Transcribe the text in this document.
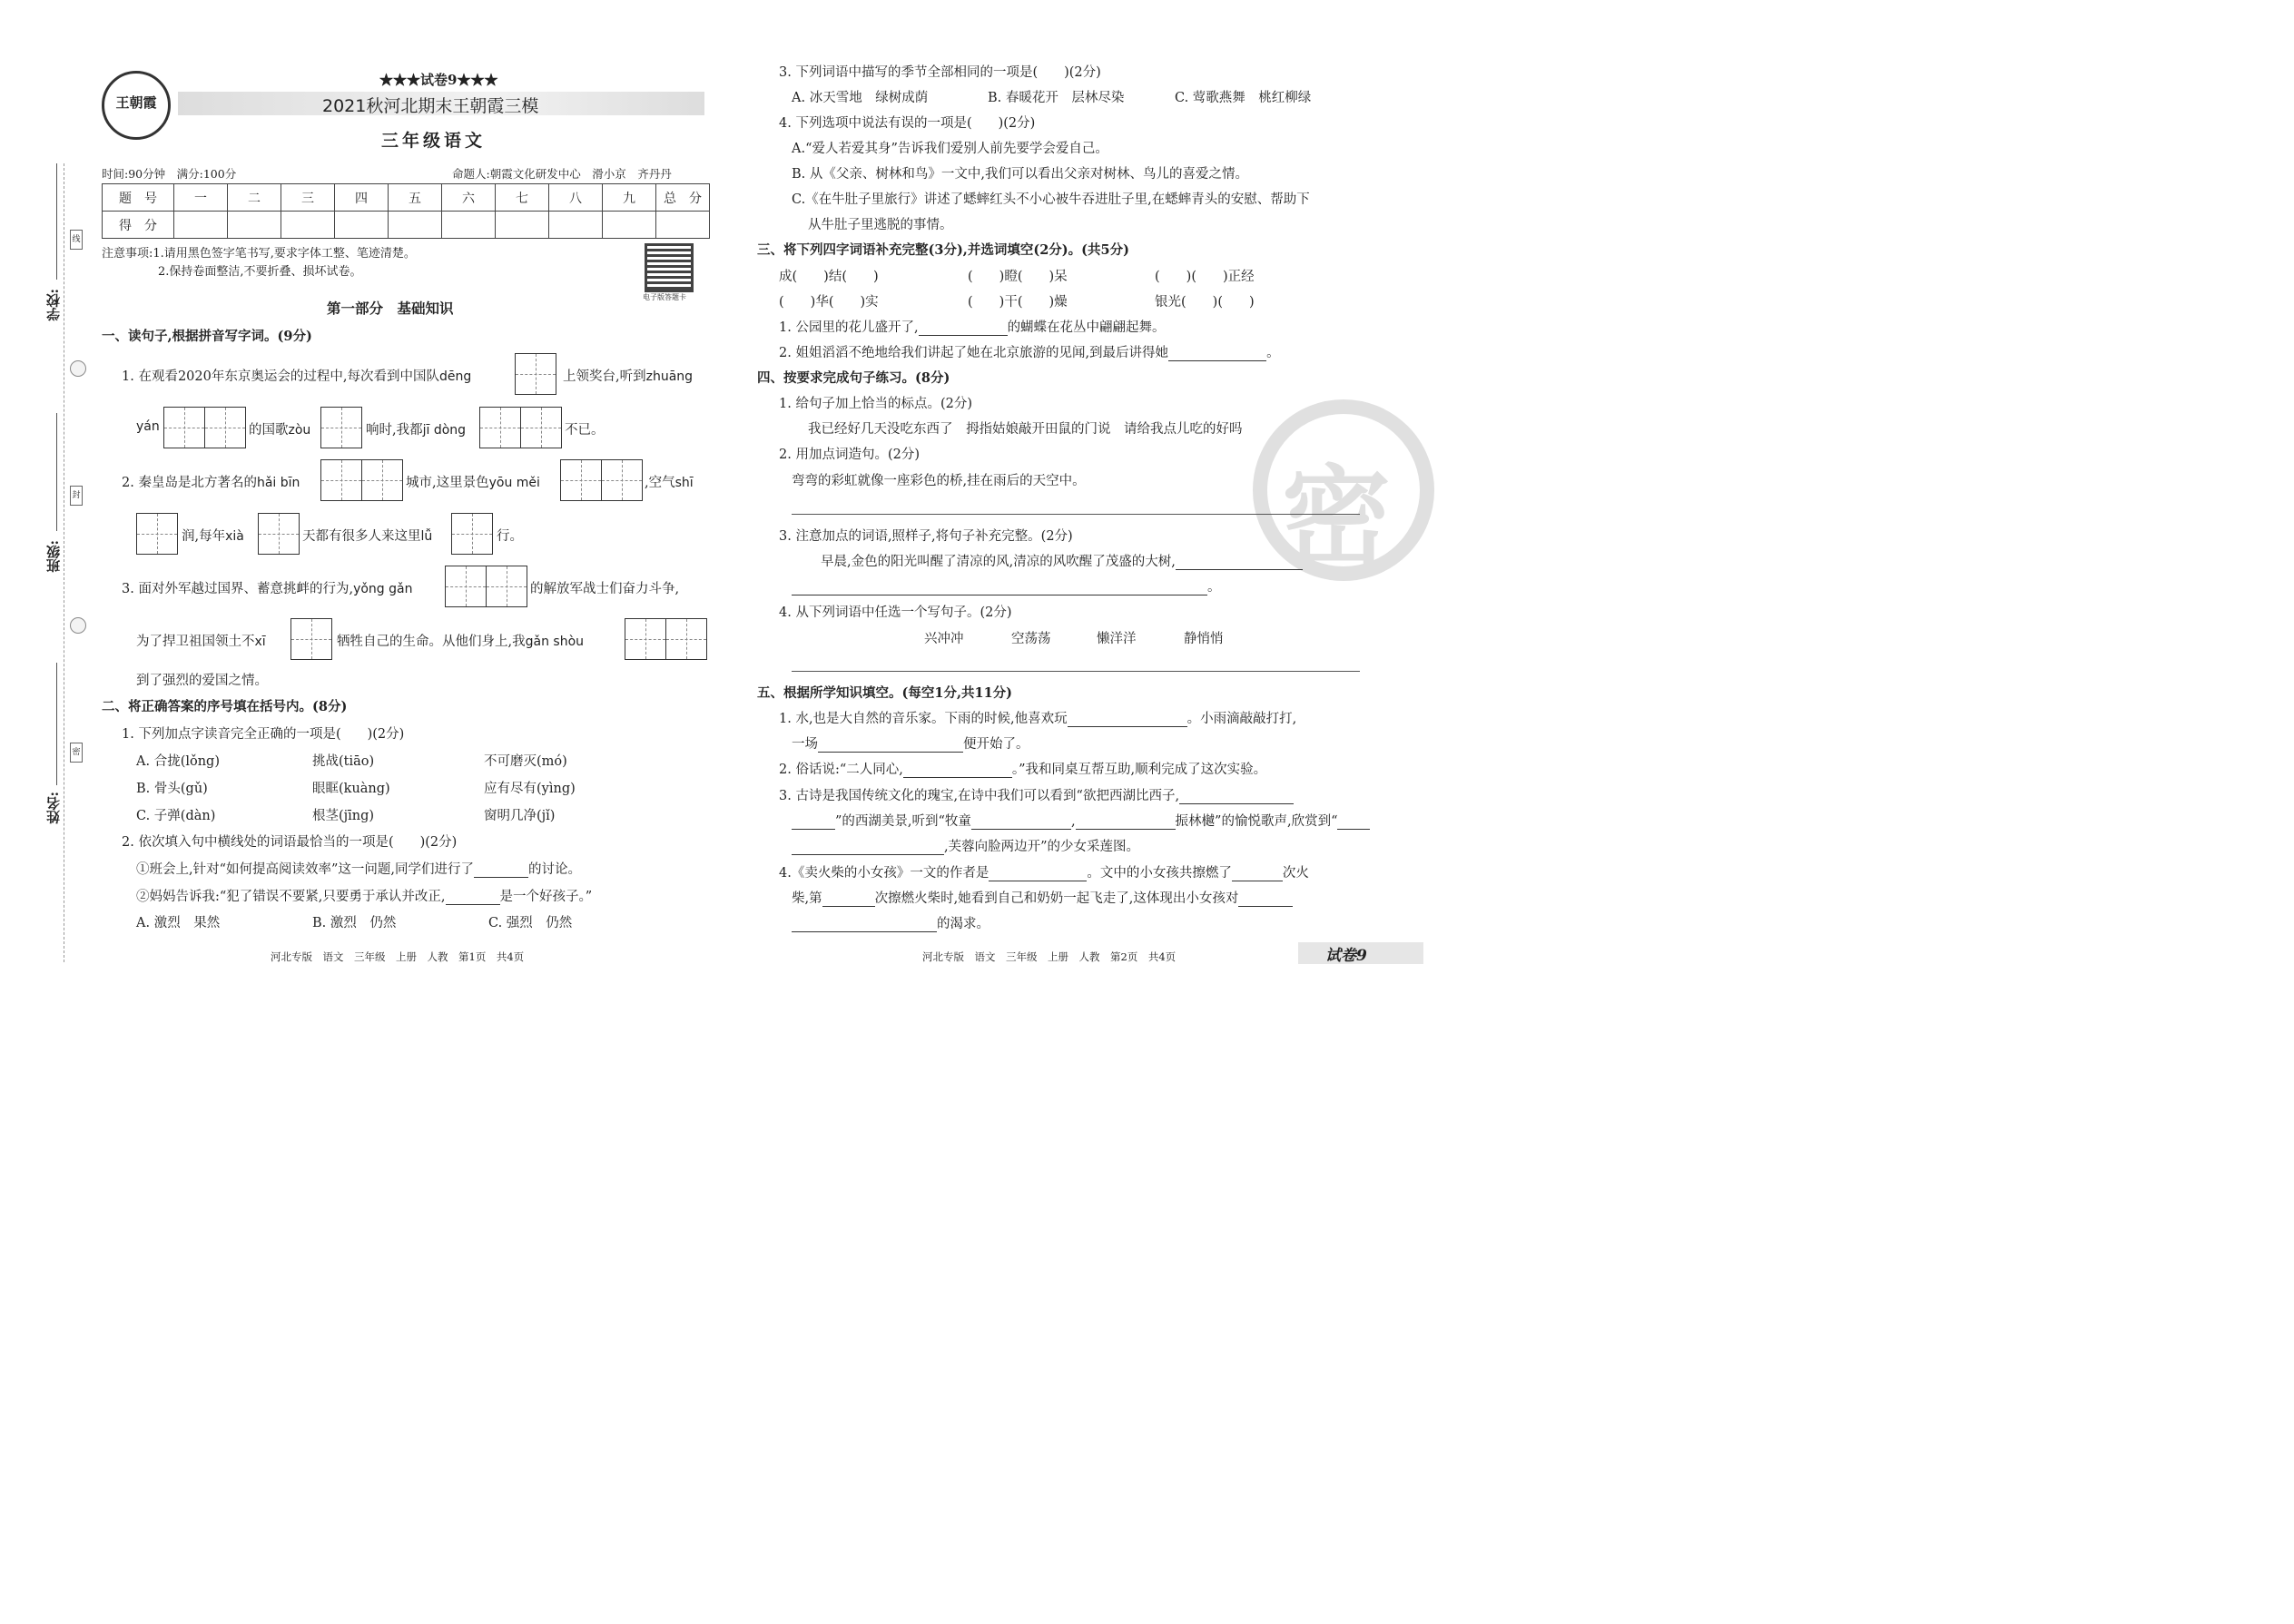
学校:
班级:
姓名:
线
封
密
王朝霞
★★★试卷9★★★
2021秋河北期末王朝霞三模
三年级语文
时间:90分钟　满分:100分	命题人:朝霞文化研发中心　滑小京　齐丹丹
题　号	一	二	三	四	五	六	七	八	九	总　分
得　分										
注意事项:1.请用黑色签字笔书写,要求字体工整、笔迹清楚。
2.保持卷面整洁,不要折叠、损坏试卷。
电子版答题卡
第一部分　基础知识
一、读句子,根据拼音写字词。(9分)
1. 在观看2020年东京奥运会的过程中,每次看到中国队dēng	上领奖台,听到zhuāng
yán	的国歌zòu	响时,我都jī dòng	不已。
2. 秦皇岛是北方著名的hǎi bīn	城市,这里景色yōu měi	,空气shī
润,每年xià	天都有很多人来这里lǚ	行。
3. 面对外军越过国界、蓄意挑衅的行为,yǒng gǎn	的解放军战士们奋力斗争,
为了捍卫祖国领土不xī	牺牲自己的生命。从他们身上,我gǎn shòu
到了强烈的爱国之情。
二、将正确答案的序号填在括号内。(8分)
1. 下列加点字读音完全正确的一项是(　　)(2分)
A. 合拢(lǒng)	挑战(tiāo)	不可磨灭(mó)
B. 骨头(gǔ)	眼眶(kuàng)	应有尽有(yìng)
C. 子弹(dàn)	根茎(jīng)	窗明几净(jǐ)
2. 依次填入句中横线处的词语最恰当的一项是(　　)(2分)
①班会上,针对“如何提高阅读效率”这一问题,同学们进行了	的讨论。
②妈妈告诉我:“犯了错误不要紧,只要勇于承认并改正,	是一个好孩子。”
A. 激烈　果然	B. 激烈　仍然	C. 强烈　仍然
河北专版　语文　三年级　上册　人教　第1页　共4页
密
3. 下列词语中描写的季节全部相同的一项是(　　)(2分)
A. 冰天雪地　绿树成荫	B. 春暖花开　层林尽染	C. 莺歌燕舞　桃红柳绿
4. 下列选项中说法有误的一项是(　　)(2分)
A.“爱人若爱其身”告诉我们爱别人前先要学会爱自己。
B. 从《父亲、树林和鸟》一文中,我们可以看出父亲对树林、鸟儿的喜爱之情。
C.《在牛肚子里旅行》讲述了蟋蟀红头不小心被牛吞进肚子里,在蟋蟀青头的安慰、帮助下
从牛肚子里逃脱的事情。
三、将下列四字词语补充完整(3分),并选词填空(2分)。(共5分)
成(　　)结(　　)	(　　)瞪(　　)呆	(　　)(　　)正经
(　　)华(　　)实	(　　)干(　　)燥	银光(　　)(　　)
1. 公园里的花儿盛开了,	的蝴蝶在花丛中翩翩起舞。
2. 姐姐滔滔不绝地给我们讲起了她在北京旅游的见闻,到最后讲得她	。
四、按要求完成句子练习。(8分)
1. 给句子加上恰当的标点。(2分)
我已经好几天没吃东西了　拇指姑娘敲开田鼠的门说　请给我点儿吃的好吗
2. 用加点词造句。(2分)
弯弯的彩虹就像一座彩色的桥,挂在雨后的天空中。
3. 注意加点的词语,照样子,将句子补充完整。(2分)
早晨,金色的阳光叫醒了清凉的风,清凉的风吹醒了茂盛的大树,
。
4. 从下列词语中任选一个写句子。(2分)
兴冲冲	空荡荡	懒洋洋	静悄悄
五、根据所学知识填空。(每空1分,共11分)
1. 水,也是大自然的音乐家。下雨的时候,他喜欢玩	。小雨滴敲敲打打,
一场	便开始了。
2. 俗话说:“二人同心,	。”我和同桌互帮互助,顺利完成了这次实验。
3. 古诗是我国传统文化的瑰宝,在诗中我们可以看到“欲把西湖比西子,
”的西湖美景,听到“牧童	,	振林樾”的愉悦歌声,欣赏到“
,芙蓉向脸两边开”的少女采莲图。
4.《卖火柴的小女孩》一文的作者是	。文中的小女孩共擦燃了	次火
柴,第	次擦燃火柴时,她看到自己和奶奶一起飞走了,这体现出小女孩对
的渴求。
河北专版　语文　三年级　上册　人教　第2页　共4页	试卷9
